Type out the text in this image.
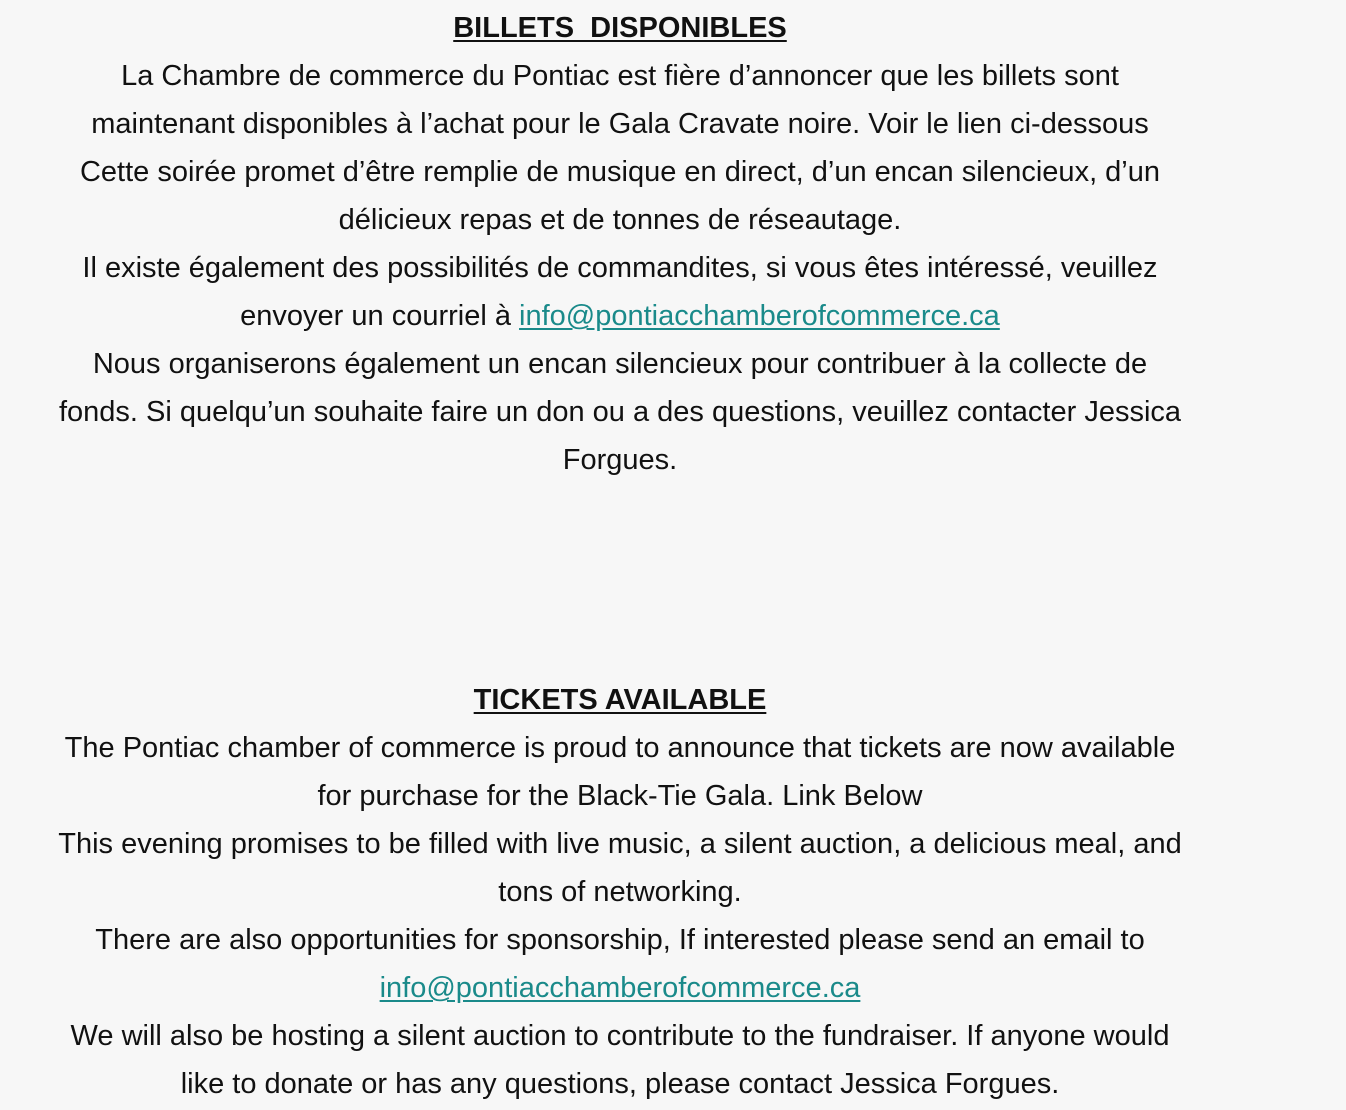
BILLETS  DISPONIBLES
La Chambre de commerce du Pontiac est fière d’annoncer que les billets sont maintenant disponibles à l’achat pour le Gala Cravate noire. Voir le lien ci-dessous
Cette soirée promet d’être remplie de musique en direct, d’un encan silencieux, d’un délicieux repas et de tonnes de réseautage.
Il existe également des possibilités de commandites, si vous êtes intéressé, veuillez envoyer un courriel à info@pontiacchamberofcommerce.ca
Nous organiserons également un encan silencieux pour contribuer à la collecte de fonds. Si quelqu’un souhaite faire un don ou a des questions, veuillez contacter Jessica Forgues.
TICKETS AVAILABLE
The Pontiac chamber of commerce is proud to announce that tickets are now available for purchase for the Black-Tie Gala. Link Below
This evening promises to be filled with live music, a silent auction, a delicious meal, and tons of networking.
There are also opportunities for sponsorship, If interested please send an email to info@pontiacchamberofcommerce.ca
We will also be hosting a silent auction to contribute to the fundraiser. If anyone would like to donate or has any questions, please contact Jessica Forgues.
